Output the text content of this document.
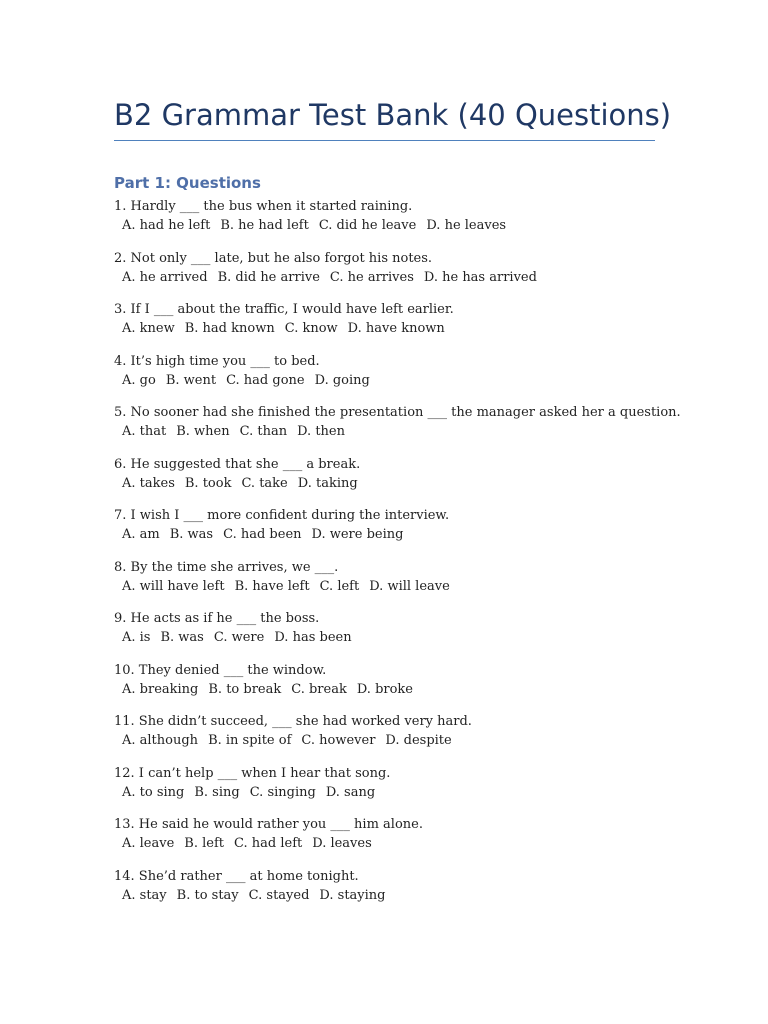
B2 Grammar Test Bank (40 Questions)
Part 1: Questions
1. Hardly ___ the bus when it started raining.
A. had he left B. he had left C. did he leave D. he leaves
2. Not only ___ late, but he also forgot his notes.
A. he arrived B. did he arrive C. he arrives D. he has arrived
3. If I ___ about the traffic, I would have left earlier.
A. knew B. had known C. know D. have known
4. It’s high time you ___ to bed.
A. go B. went C. had gone D. going
5. No sooner had she finished the presentation ___ the manager asked her a question.
A. that B. when C. than D. then
6. He suggested that she ___ a break.
A. takes B. took C. take D. taking
7. I wish I ___ more confident during the interview.
A. am B. was C. had been D. were being
8. By the time she arrives, we ___.
A. will have left B. have left C. left D. will leave
9. He acts as if he ___ the boss.
A. is B. was C. were D. has been
10. They denied ___ the window.
A. breaking B. to break C. break D. broke
11. She didn’t succeed, ___ she had worked very hard.
A. although B. in spite of C. however D. despite
12. I can’t help ___ when I hear that song.
A. to sing B. sing C. singing D. sang
13. He said he would rather you ___ him alone.
A. leave B. left C. had left D. leaves
14. She’d rather ___ at home tonight.
A. stay B. to stay C. stayed D. staying
